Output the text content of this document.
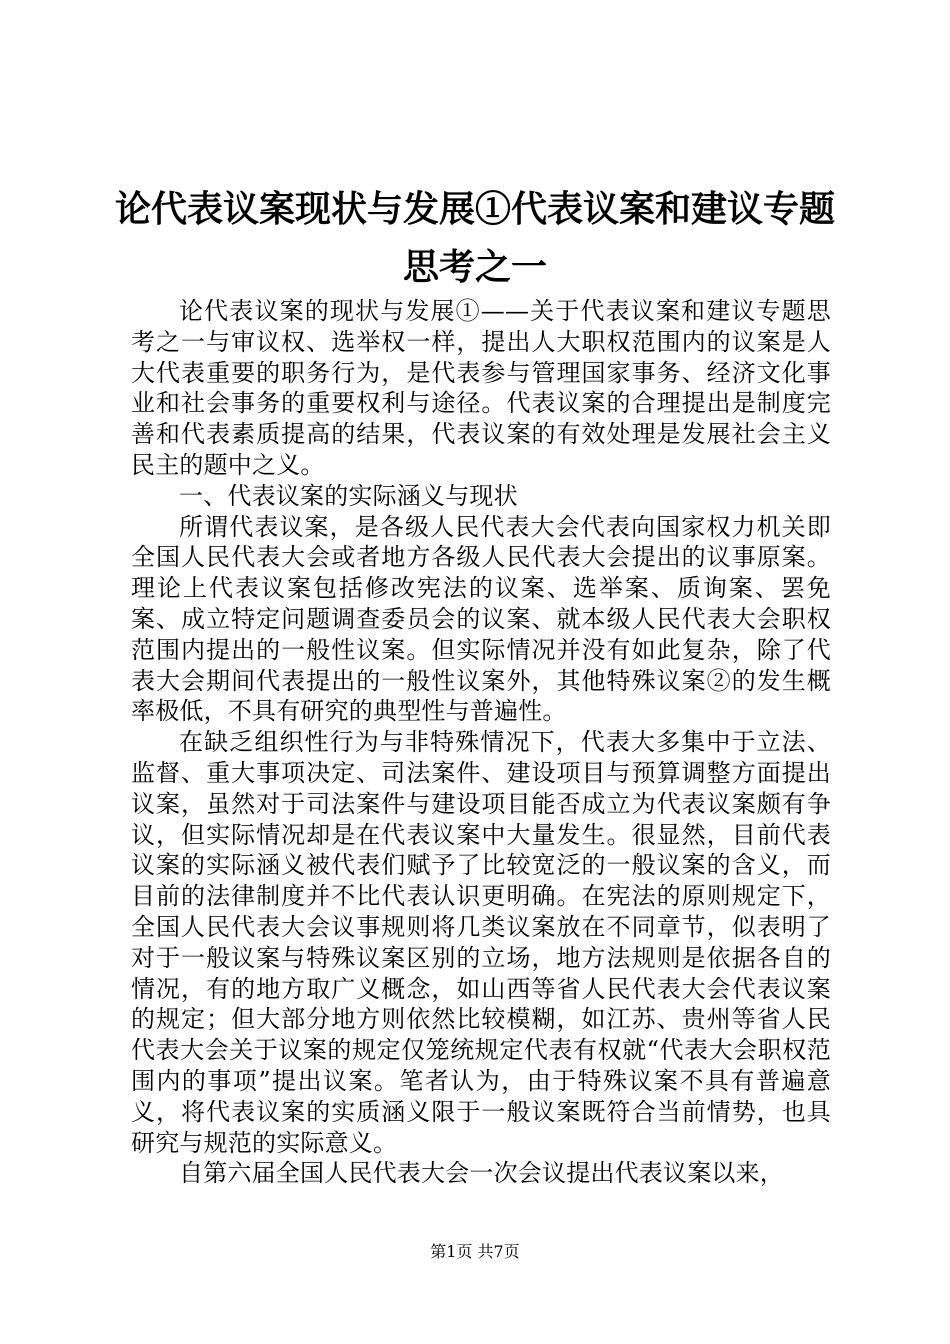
论代表议案现状与发展①代表议案和建议专题
思考之一

论代表议案的现状与发展①——关于代表议案和建议专题思考之一与审议权、选举权一样，提出人大职权范围内的议案是人大代表重要的职务行为，是代表参与管理国家事务、经济文化事业和社会事务的重要权利与途径。代表议案的合理提出是制度完善和代表素质提高的结果，代表议案的有效处理是发展社会主义民主的题中之义。

一、代表议案的实际涵义与现状

所谓代表议案，是各级人民代表大会代表向国家权力机关即全国人民代表大会或者地方各级人民代表大会提出的议事原案。理论上代表议案包括修改宪法的议案、选举案、质询案、罢免案、成立特定问题调查委员会的议案、就本级人民代表大会职权范围内提出的一般性议案。但实际情况并没有如此复杂，除了代表大会期间代表提出的一般性议案外，其他特殊议案②的发生概率极低，不具有研究的典型性与普遍性。

在缺乏组织性行为与非特殊情况下，代表大多集中于立法、监督、重大事项决定、司法案件、建设项目与预算调整方面提出议案，虽然对于司法案件与建设项目能否成立为代表议案颇有争议，但实际情况却是在代表议案中大量发生。很显然，目前代表议案的实际涵义被代表们赋予了比较宽泛的一般议案的含义，而目前的法律制度并不比代表认识更明确。在宪法的原则规定下，全国人民代表大会议事规则将几类议案放在不同章节，似表明了对于一般议案与特殊议案区别的立场，地方法规则是依据各自的情况，有的地方取广义概念，如山西等省人民代表大会代表议案的规定；但大部分地方则依然比较模糊，如江苏、贵州等省人民代表大会关于议案的规定仅笼统规定代表有权就“代表大会职权范围内的事项”提出议案。笔者认为，由于特殊议案不具有普遍意义，将代表议案的实质涵义限于一般议案既符合当前情势，也具研究与规范的实际意义。

自第六届全国人民代表大会一次会议提出代表议案以来，

第1页 共7页
